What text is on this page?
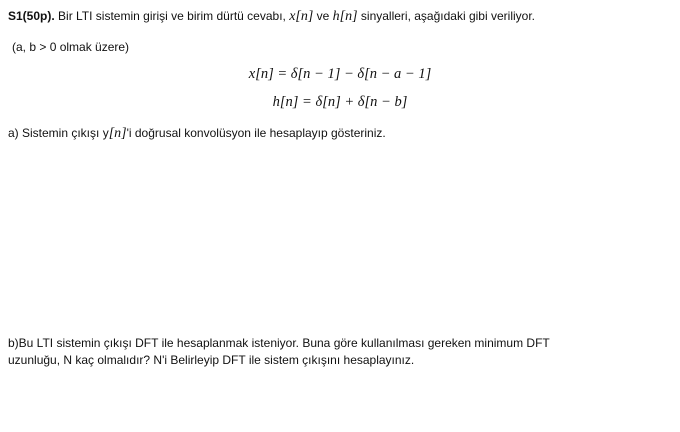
S1(50p). Bir LTI sistemin girişi ve birim dürtü cevabı, x[n] ve h[n] sinyalleri, aşağıdaki gibi veriliyor.
(a, b > 0 olmak üzere)
x[n] = δ[n − 1] − δ[n − a − 1]
h[n] = δ[n] + δ[n − b]
a) Sistemin çıkışı y[n]'i doğrusal konvolüsyon ile hesaplayıp gösteriniz.
b)Bu LTI sistemin çıkışı DFT ile hesaplanmak isteniyor. Buna göre kullanılması gereken minimum DFT
uzunluğu, N kaç olmalıdır? N'i Belirleyip DFT ile sistem çıkışını hesaplayınız.
